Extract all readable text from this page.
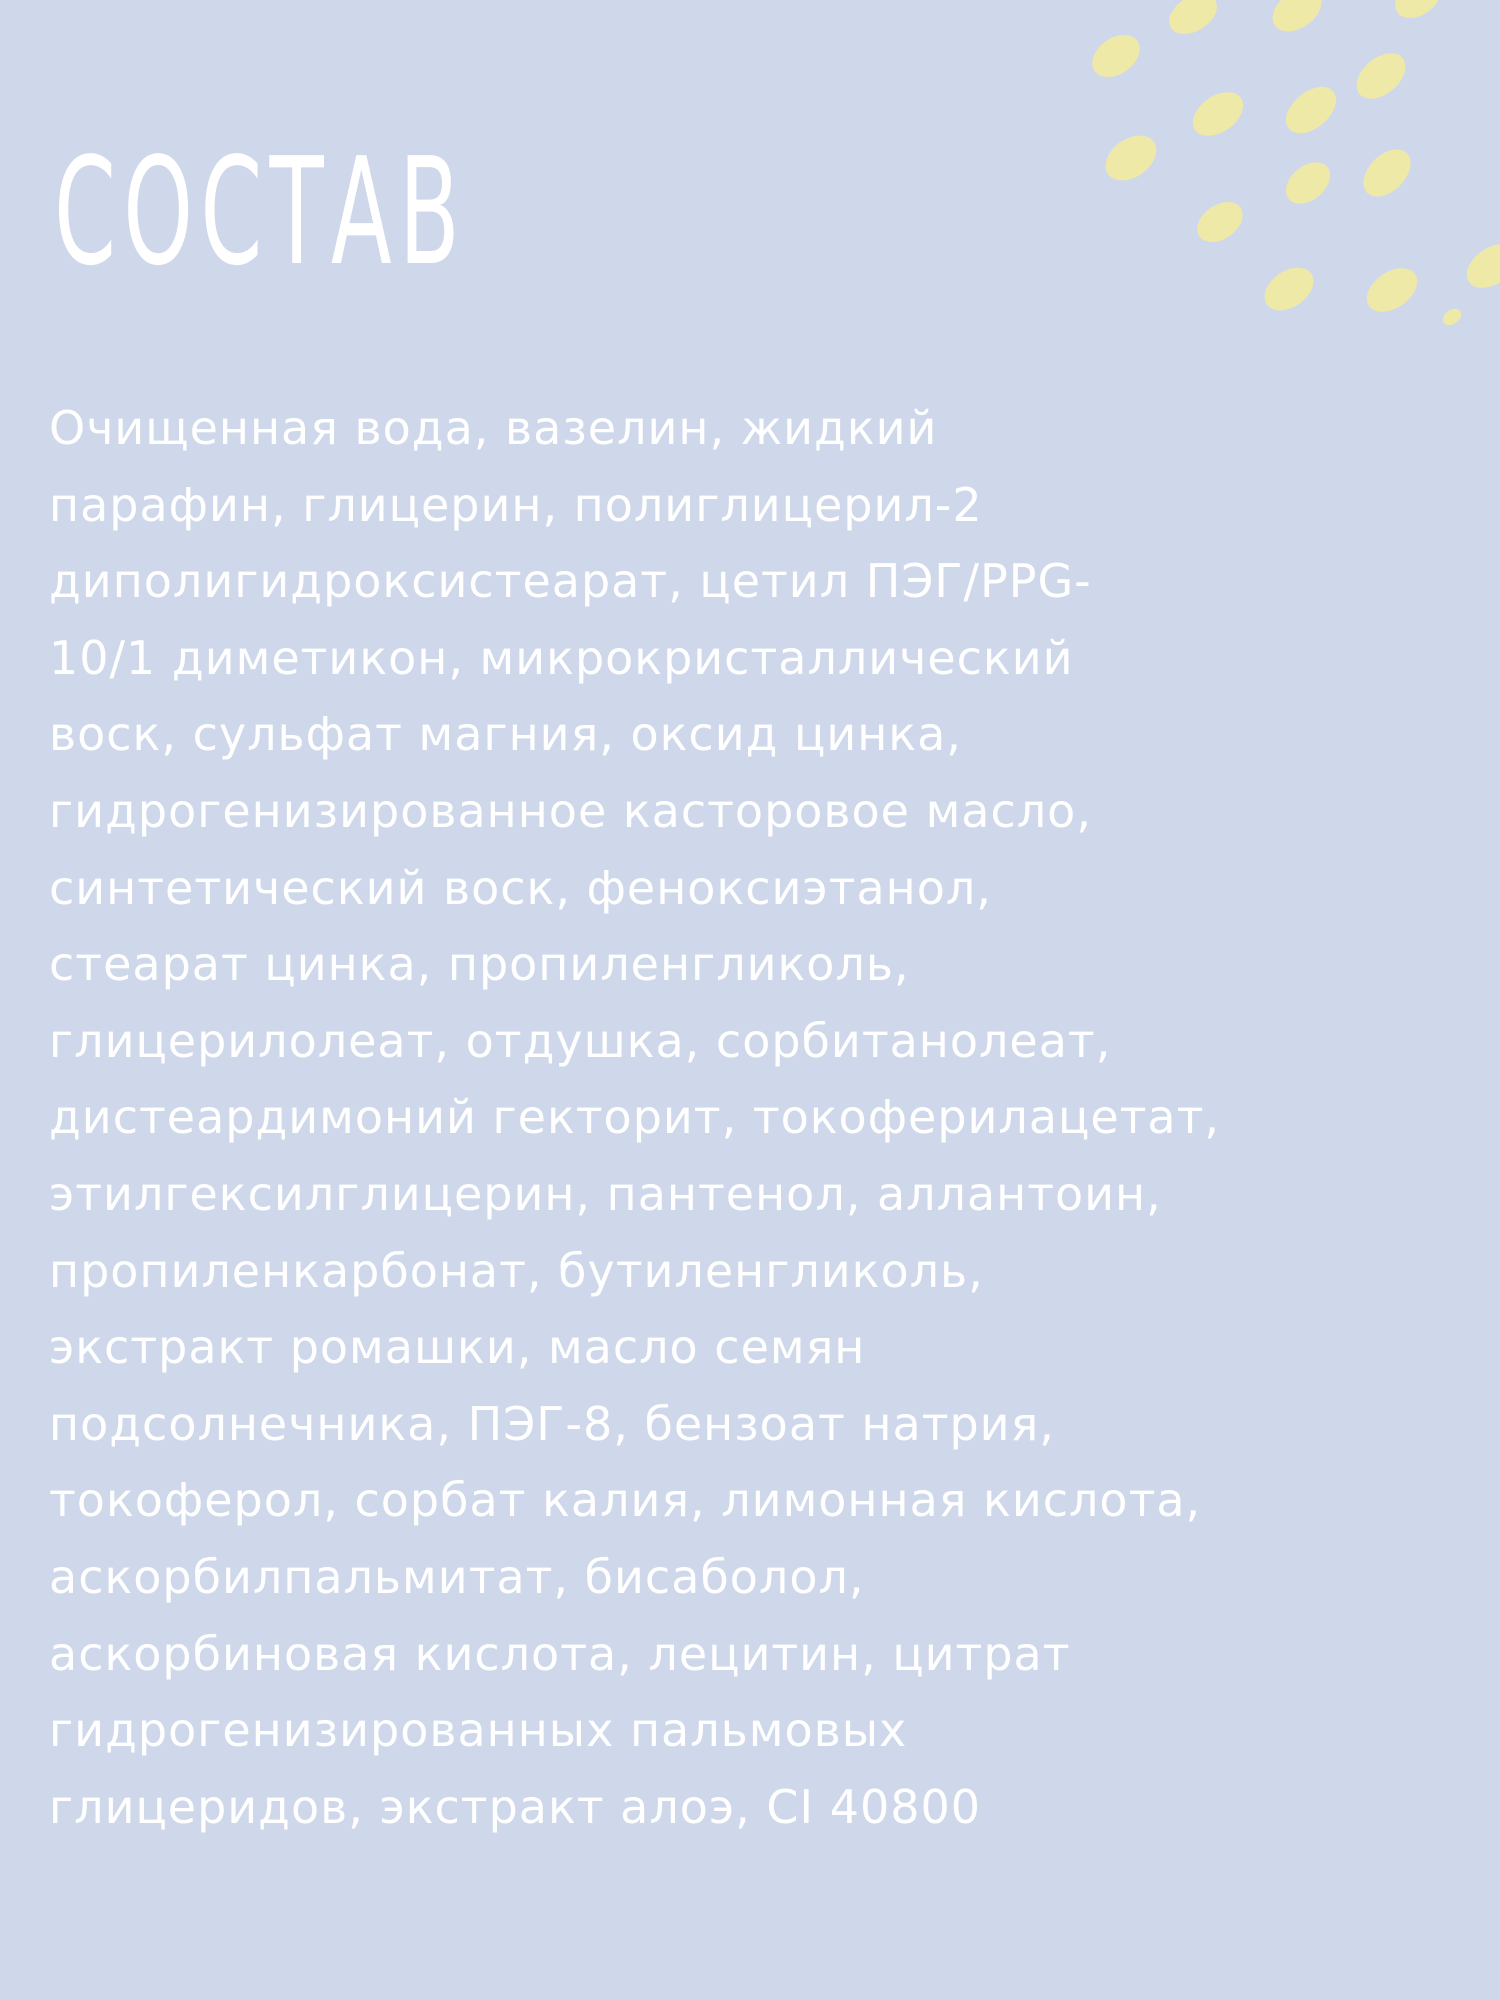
СОСТАВ

Очищенная вода, вазелин, жидкий
парафин, глицерин, полиглицерил-2
диполигидроксистеарат, цетил ПЭГ/PPG-
10/1 диметикон, микрокристаллический
воск, сульфат магния, оксид цинка,
гидрогенизированное касторовое масло,
синтетический воск, феноксиэтанол,
стеарат цинка, пропиленгликоль,
глицерилолеат, отдушка, сорбитанолеат,
дистеардимоний гекторит, токоферилацетат,
этилгексилглицерин, пантенол, аллантоин,
пропиленкарбонат, бутиленгликоль,
экстракт ромашки, масло семян
подсолнечника, ПЭГ-8, бензоат натрия,
токоферол, сорбат калия, лимонная кислота,
аскорбилпальмитат, бисаболол,
аскорбиновая кислота, лецитин, цитрат
гидрогенизированных пальмовых
глицеридов, экстракт алоэ, CI 40800
